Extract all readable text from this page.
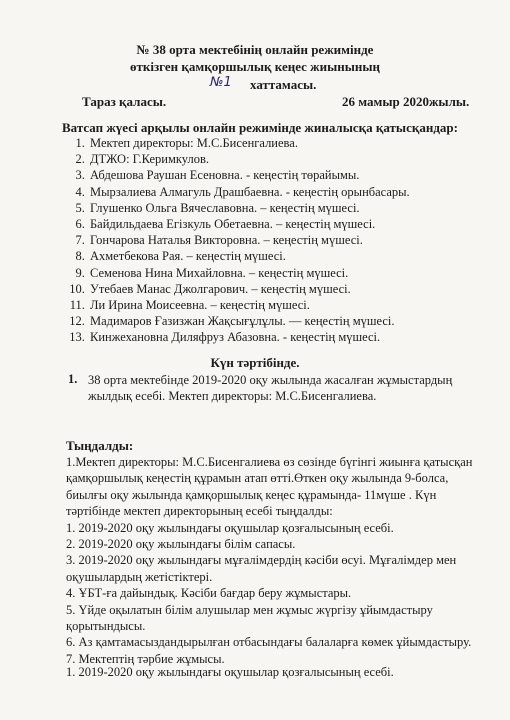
№ 38 орта мектебінің онлайн режимінде
өткізген қамқоршылық кеңес жиынының
№1 хаттамасы.
Тараз қаласы.	26 мамыр 2020жылы.
Ватсап жүесі арқылы онлайн режимінде жиналысқа қатысқандар:
1. Мектеп директоры: М.С.Бисенгалиева.
2. ДТЖО: Г.Керимкулов.
3. Абдешова Раушан Есеновна. - кеңестің төрайымы.
4. Мырзалиева Алмагуль Драшбаевна. - кеңестің орынбасары.
5. Глушенко Ольга Вячеславовна. – кеңестің мүшесі.
6. Байдильдаева Егізкуль Обетаевна. – кеңестің мүшесі.
7. Гончарова Наталья Викторовна. – кеңестің мүшесі.
8. Ахметбекова Рая. – кеңестің мүшесі.
9. Семенова Нина Михайловна. – кеңестің мүшесі.
10. Утебаев Манас Джолгарович. – кеңестің мүшесі.
11. Ли Ирина Моисеевна. – кеңестің мүшесі.
12. Мадимаров Ғазизжан Жақсығұлұлы. — кеңестің мүшесі.
13. Кинжехановна Диляфруз Абазовна. - кеңестің мүшесі.
Күн тәртібінде.
1. 38 орта мектебінде 2019-2020 оқу жылында жасалған жұмыстардың жылдық есебі. Мектеп директоры: М.С.Бисенгалиева.
Тыңдалды:

1.Мектеп директоры: М.С.Бисенгалиева өз сөзінде бүгінгі жиынға қатысқан қамқоршылық кеңестің құрамын атап өтті.Өткен оқу жылында 9-болса, биылғы оқу жылында қамқоршылық кеңес құрамында- 11мүше . Күн тәртібінде мектеп директорының есебі тыңдалды:

1. 2019-2020 оқу жылындағы оқушылар қозғалысының есебі.

2. 2019-2020 оқу жылындағы білім сапасы.

3. 2019-2020 оқу жылындағы мұғалімдердің кәсіби өсуі. Мұғалімдер мен оқушылардың жетістіктері.

4. ҰБТ-ға дайындық. Кәсіби бағдар беру жұмыстары.

5. Үйде оқылатын білім алушылар мен жұмыс жүргізу ұйымдастыру қорытындысы.

6. Аз қамтамасыздандырылған отбасындағы балаларға көмек ұйымдастыру.

7. Мектептің тәрбие жұмысы.

1. 2019-2020 оқу жылындағы оқушылар қозғалысының есебі.
